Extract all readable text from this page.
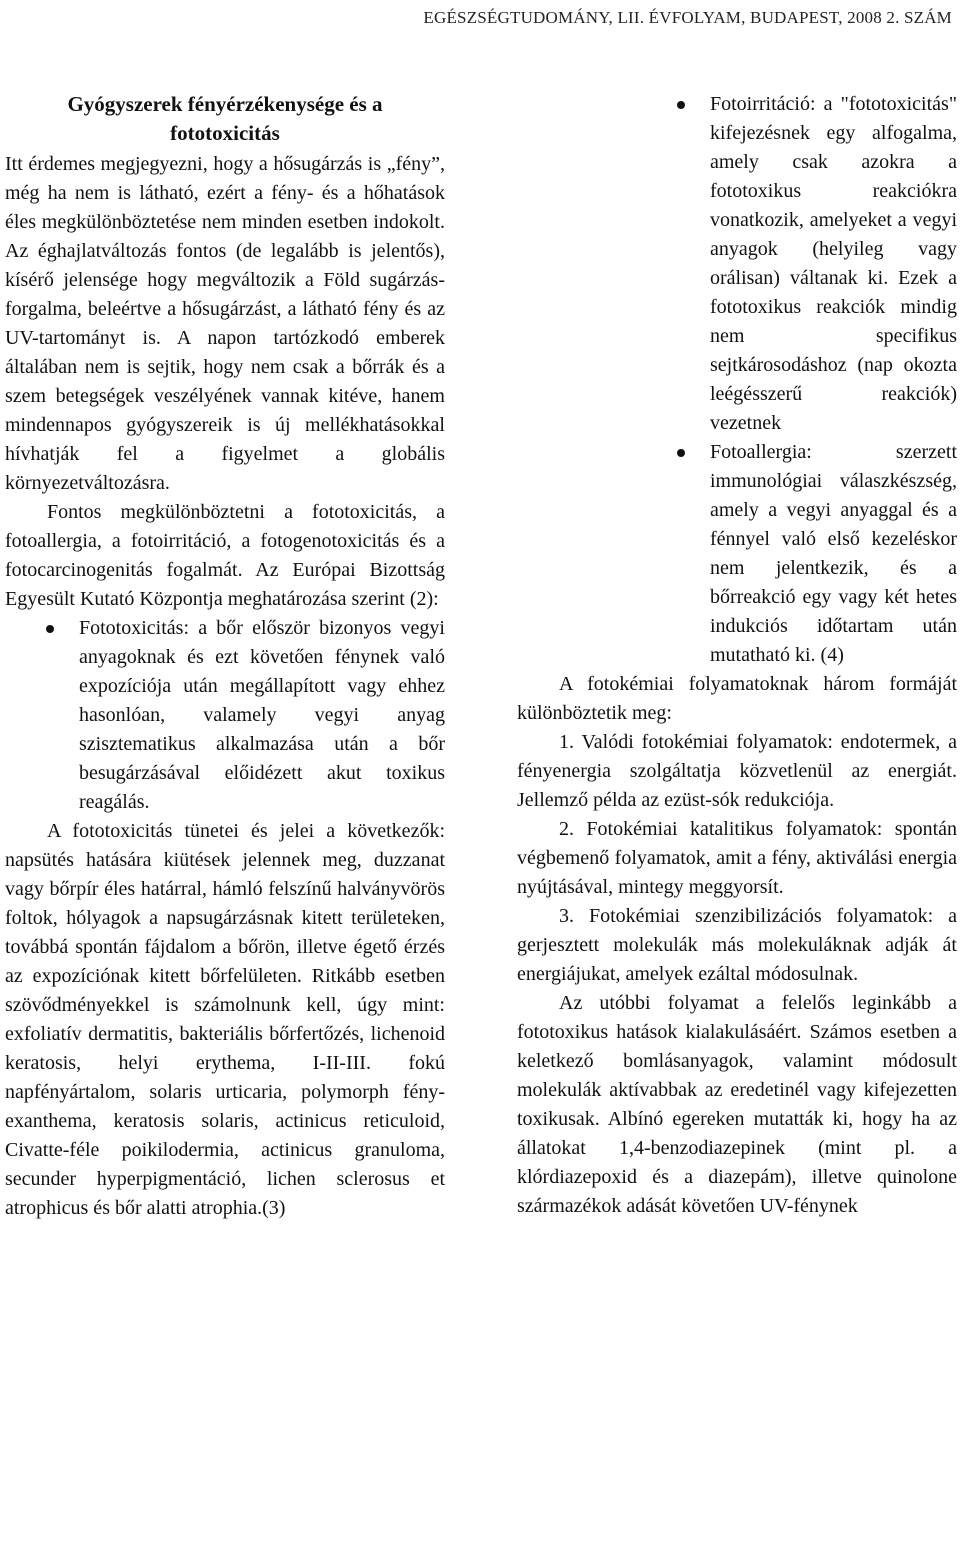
EGÉSZSÉGTUDOMÁNY, LII. ÉVFOLYAM, BUDAPEST, 2008 2. SZÁM
Gyógyszerek fényérzékenysége és a fototoxicitás

Itt érdemes megjegyezni, hogy a hősugárzás is „fény”, még ha nem is látható, ezért a fény- és a hőhatások éles megkülönböztetése nem minden esetben indokolt. Az éghajlatváltozás fontos (de legalább is jelentős), kísérő jelensége hogy megváltozik a Föld sugárzás-forgalma, beleértve a hősugárzást, a látható fény és az UV-tartományt is. A napon tartózkodó emberek általában nem is sejtik, hogy nem csak a bőrrák és a szem betegségek veszélyének vannak kitéve, hanem mindennapos gyógyszereik is új mellékhatásokkal hívhatják fel a figyelmet a globális környezetváltozásra.

Fontos megkülönböztetni a fototoxicitás, a fotoallergia, a fotoirritáció, a fotogenotoxicitás és a fotocarcinogenitás fogalmát. Az Európai Bizottság Egyesült Kutató Központja meghatározása szerint (2):

Fototoxicitás: a bőr először bizonyos vegyi anyagoknak és ezt követően fénynek való expozíciója után megállapított vagy ehhez hasonlóan, valamely vegyi anyag szisztematikus alkalmazása után a bőr besugárzásával előidézett akut toxikus reagálás.

A fototoxicitás tünetei és jelei a következők: napsütés hatására kiütések jelennek meg, duzzanat vagy bőrpír éles határral, hámló felszínű halványvörös foltok, hólyagok a napsugárzásnak kitett területeken, továbbá spontán fájdalom a bőrön, illetve égető érzés az expozíciónak kitett bőrfelületen. Ritkább esetben szövődményekkel is számolnunk kell, úgy mint: exfoliatív dermatitis, bakteriális bőrfertőzés, lichenoid keratosis, helyi erythema, I-II-III. fokú napfényártalom, solaris urticaria, polymorph fény-exanthema, keratosis solaris, actinicus reticuloid, Civatte-féle poikilodermia, actinicus granuloma, secunder hyperpigmentáció, lichen sclerosus et atrophicus és bőr alatti atrophia.(3)

Fotoirritáció: a "fototoxicitás" kifejezésnek egy alfogalma, amely csak azokra a fototoxikus reakciókra vonatkozik, amelyeket a vegyi anyagok (helyileg vagy orálisan) váltanak ki. Ezek a fototoxikus reakciók mindig nem specifikus sejtkárosodáshoz (nap okozta leégésszerű reakciók) vezetnek
Fotoallergia: szerzett immunológiai válaszkészség, amely a vegyi anyaggal és a fénnyel való első kezeléskor nem jelentkezik, és a bőrreakció egy vagy két hetes indukciós időtartam után mutatható ki. (4)

A fotokémiai folyamatoknak három formáját különböztetik meg:

1. Valódi fotokémiai folyamatok: endotermek, a fényenergia szolgáltatja közvetlenül az energiát. Jellemző példa az ezüst-sók redukciója.

2. Fotokémiai katalitikus folyamatok: spontán végbemenő folyamatok, amit a fény, aktiválási energia nyújtásával, mintegy meggyorsít.

3. Fotokémiai szenzibilizációs folyamatok: a gerjesztett molekulák más molekuláknak adják át energiájukat, amelyek ezáltal módosulnak.

Az utóbbi folyamat a felelős leginkább a fototoxikus hatások kialakulásáért. Számos esetben a keletkező bomlásanyagok, valamint módosult molekulák aktívabbak az eredetinél vagy kifejezetten toxikusak. Albínó egereken mutatták ki, hogy ha az állatokat 1,4-benzodiazepinek (mint pl. a klórdiazepoxid és a diazepám), illetve quinolone származékok adását követően UV-fénynek
